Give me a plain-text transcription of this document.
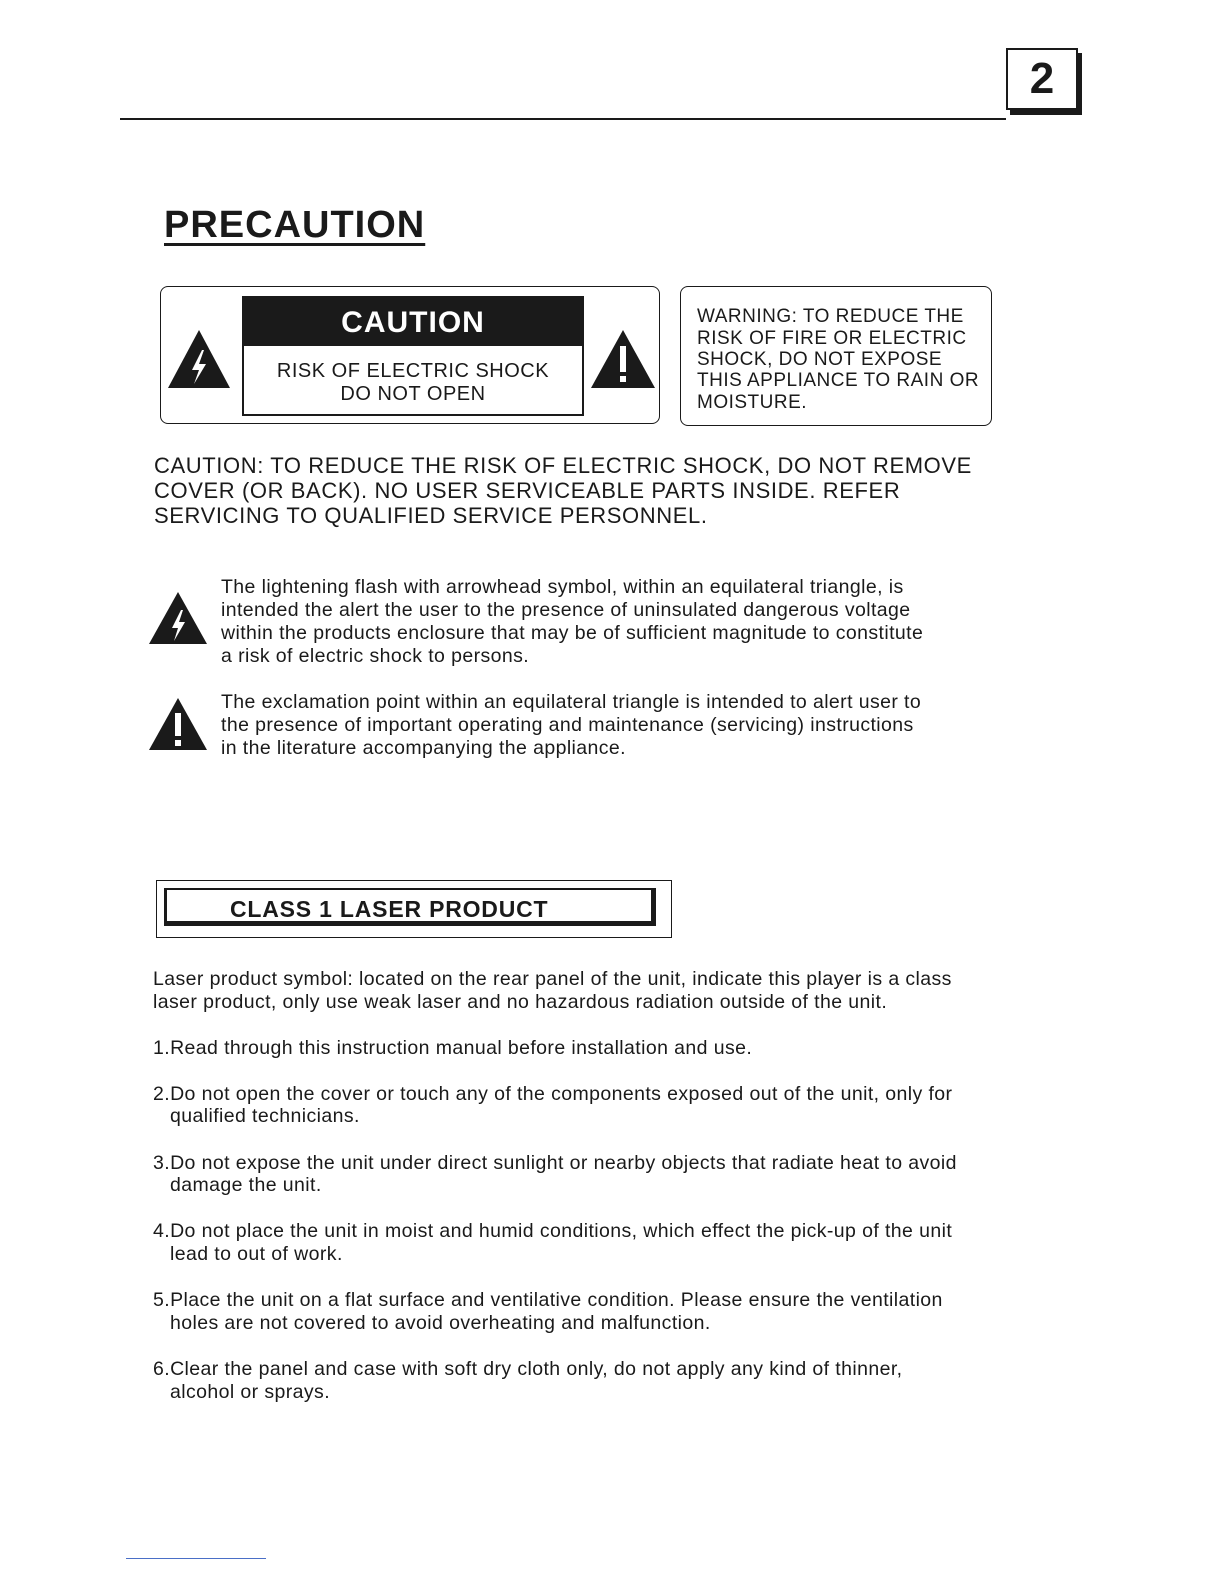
2
PRECAUTION
CAUTION
RISK OF ELECTRIC SHOCK
DO NOT OPEN
WARNING: TO REDUCE THE
RISK OF FIRE OR ELECTRIC
SHOCK, DO NOT EXPOSE
THIS APPLIANCE TO RAIN OR
MOISTURE.
CAUTION: TO REDUCE THE RISK OF ELECTRIC SHOCK, DO NOT REMOVE
COVER (OR BACK). NO USER SERVICEABLE PARTS INSIDE. REFER
SERVICING TO QUALIFIED SERVICE PERSONNEL.
The lightening flash with arrowhead symbol, within an equilateral triangle, is
intended the alert the user to the presence of uninsulated dangerous voltage
within the products enclosure that may be of sufficient magnitude to constitute
a risk of electric shock to persons.
The exclamation point within an equilateral triangle is intended to alert user to
the presence of important operating and maintenance (servicing) instructions
in the literature accompanying the appliance.
CLASS 1 LASER PRODUCT
Laser product symbol: located on the rear panel of the unit, indicate this player is a class
laser product, only use weak laser and no hazardous radiation outside of the unit.
1.Read through this instruction manual before installation and use.
2.Do not open the cover or touch any of the components exposed out of the unit, only for
qualified technicians.
3.Do not expose the unit under direct sunlight or nearby objects that radiate heat to avoid
damage the unit.
4.Do not place the unit in moist and humid conditions, which effect the pick-up of the unit
lead to out of work.
5.Place the unit on a flat surface and ventilative condition. Please ensure the ventilation
holes are not covered to avoid overheating and malfunction.
6.Clear the panel and case with soft dry cloth only, do not apply any kind of thinner,
alcohol or sprays.
